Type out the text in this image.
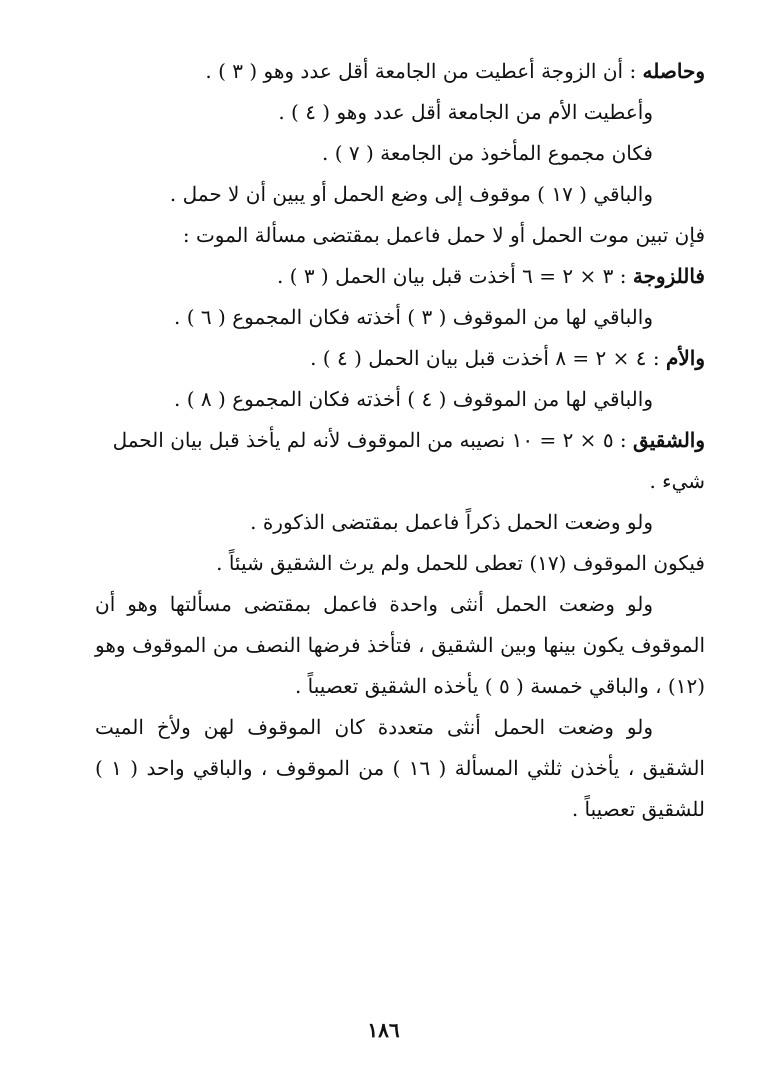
وحاصله : أن الزوجة أعطيت من الجامعة أقل عدد وهو ( ٣ ) .
وأعطيت الأم من الجامعة أقل عدد وهو ( ٤ ) .
فكان مجموع المأخوذ من الجامعة ( ٧ ) .
والباقي ( ١٧ ) موقوف إلى وضع الحمل أو يبين أن لا حمل .
فإن تبين موت الحمل أو لا حمل فاعمل بمقتضى مسألة الموت :
فاللزوجة : ٣ × ٢ = ٦ أخذت قبل بيان الحمل ( ٣ ) .
والباقي لها من الموقوف ( ٣ ) أخذته فكان المجموع ( ٦ ) .
والأم : ٤ × ٢ = ٨ أخذت قبل بيان الحمل ( ٤ ) .
والباقي لها من الموقوف ( ٤ ) أخذته فكان المجموع ( ٨ ) .
والشقيق : ٥ × ٢ = ١٠ نصيبه من الموقوف لأنه لم يأخذ قبل بيان الحمل
شيء .
ولو وضعت الحمل ذكراً فاعمل بمقتضى الذكورة .
فيكون الموقوف (١٧) تعطى للحمل ولم يرث الشقيق شيئاً .
ولو وضعت الحمل أنثى واحدة فاعمل بمقتضى مسألتها وهو أن
الموقوف يكون بينها وبين الشقيق ، فتأخذ فرضها النصف من الموقوف وهو
(١٢) ، والباقي خمسة ( ٥ ) يأخذه الشقيق تعصيباً .
ولو وضعت الحمل أنثى متعددة كان الموقوف لهن ولأخ الميت
الشقيق ، يأخذن ثلثي المسألة ( ١٦ ) من الموقوف ، والباقي واحد ( ١ )
للشقيق تعصيباً .
١٨٦
